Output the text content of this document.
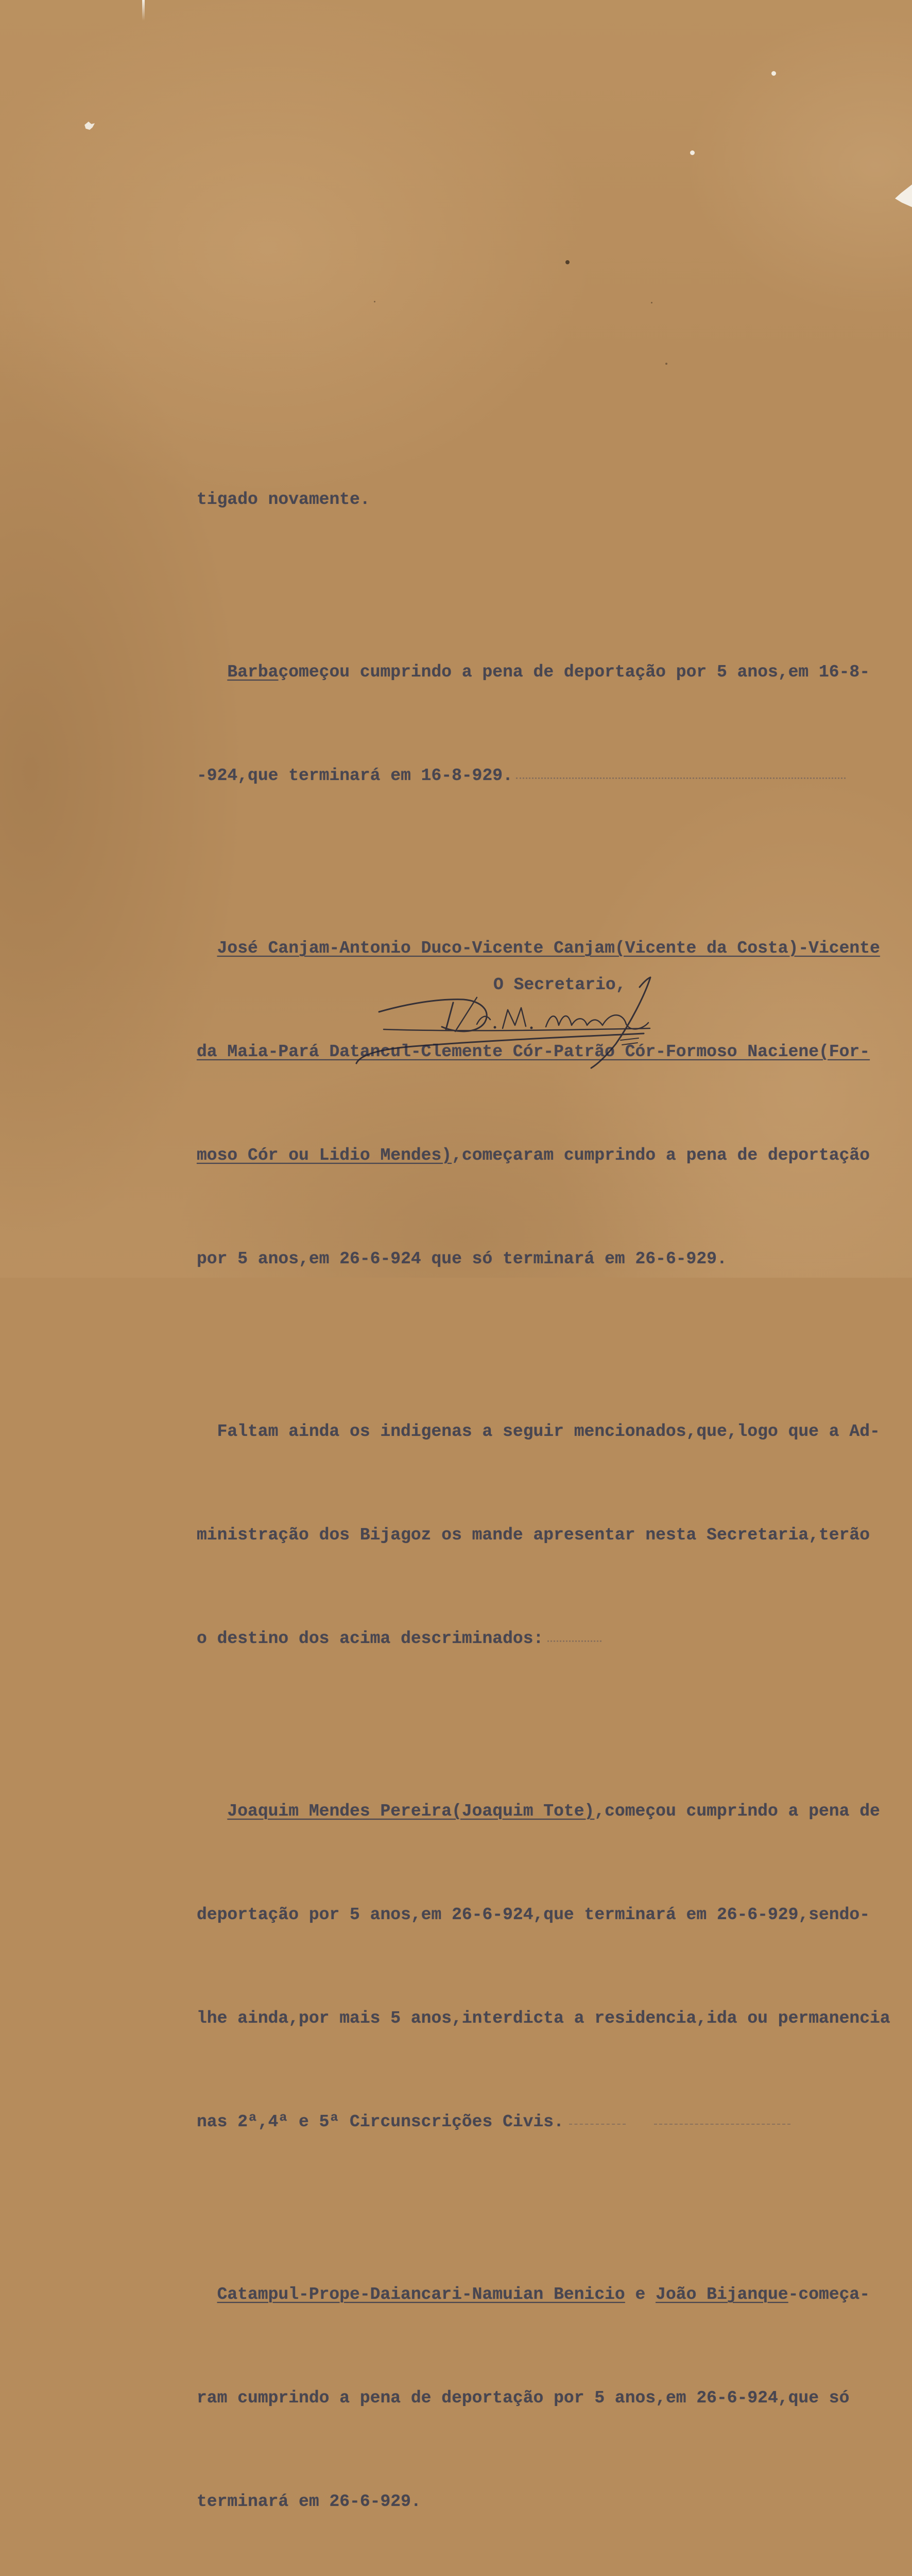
tigado novamente.

Barbaçomeçou cumprindo a pena de deportação por 5 anos,em 16-8-

-924,que terminará em 16-8-929.

José Canjam-Antonio Duco-Vicente Canjam(Vicente da Costa)-Vicente

da Maia-Pará Datancul-Clemente Cór-Patrão Cór-Formoso Naciene(For-

moso Cór ou Lidio Mendes),começaram cumprindo a pena de deportação

por 5 anos,em 26-6-924 que só terminará em 26-6-929.

Faltam ainda os indigenas a seguir mencionados,que,logo que a Ad-

ministração dos Bijagoz os mande apresentar nesta Secretaria,terão

o destino dos acima descriminados:

Joaquim Mendes Pereira(Joaquim Tote),começou cumprindo a pena de

deportação por 5 anos,em 26-6-924,que terminará em 26-6-929,sendo-

lhe ainda,por mais 5 anos,interdicta a residencia,ida ou permanencia

nas 2ª,4ª e 5ª Circunscrições Civis.

Catampul-Prope-Daiancari-Namuian Benicio e João Bijanque-começa-

ram cumprindo a pena de deportação por 5 anos,em 26-6-924,que só

terminará em 26-6-929.

O Secretario,
